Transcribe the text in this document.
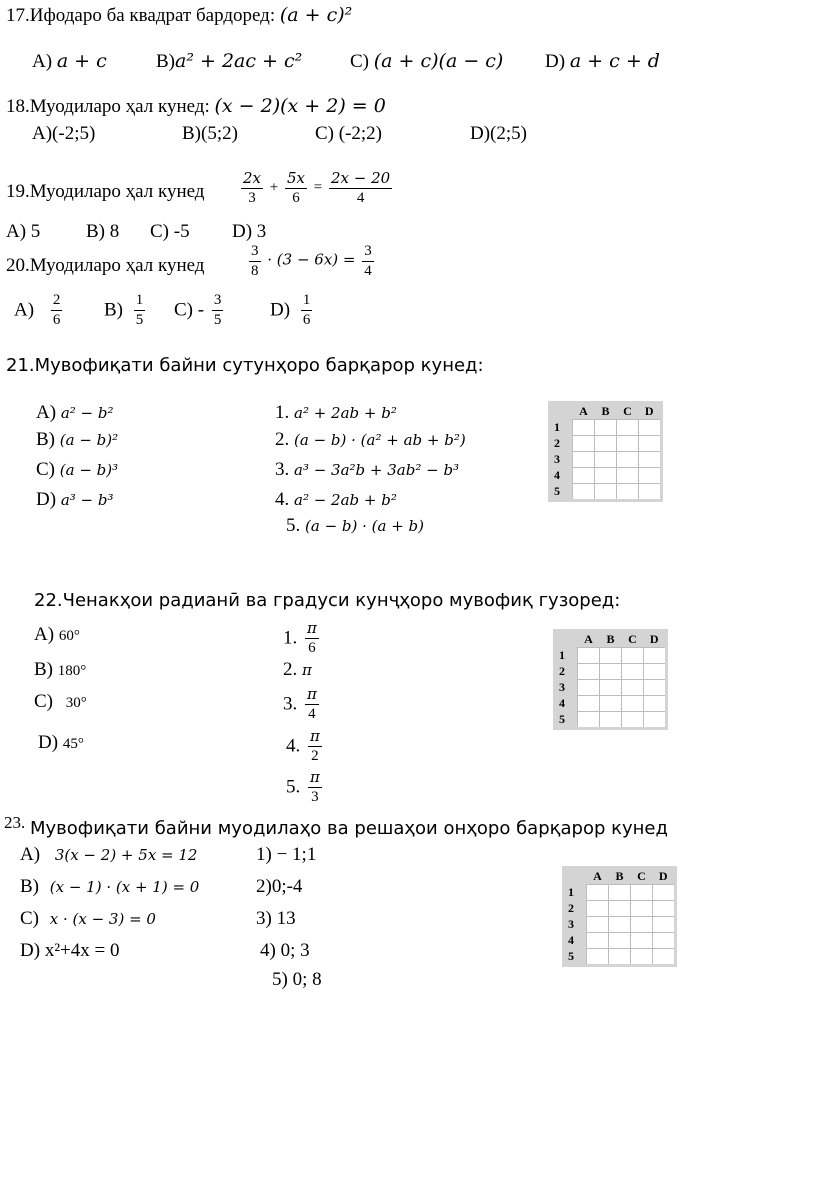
17.Ифодаро ба квадрат бардоред: (a + c)²
A) a + c	B)a² + 2ac + c²	C) (a + c)(a − c) D) a + c + d
18.Муодиларо ҳал кунед: (x − 2)(x + 2) = 0
A)(-2;5)	B)(5;2)	C) (-2;2)	D)(2;5)
19.Муодиларо ҳал кунед $\frac{2x}{3} + \frac{5x}{6} = \frac{2x - 20}{4}$
A) 5 B) 8 C) -5 D) 3
20.Муодиларо ҳал кунед	$\frac{3}{8} \cdot (3 - 6x) = \frac{3}{4}$
$A) \frac{2}{6} B) \frac{1}{5} C) - \frac{3}{5} D) \frac{1}{6}$
21.Мувофиқати байни сутунҳоро барқарор кунед:
A) a² − b²
B) (a − b)²
C) (a − b)³
D) a³ − b³
1. a² + 2ab + b²
2. (a − b) · (a² + ab + b²)
3. a³ − 3a²b + 3ab² − b³
4. a² − 2ab + b²
5. (a − b) · (a + b)
	A	B	C	D
1				
2				
3				
4				
5				
22.Ченакҳои радианӣ ва градуси кунҷҳоро мувофиқ гузоред:
A) 60°
B) 180°
C) 30°
D) 45°
1. $\frac{\pi}{6}$
2. π
3. $\frac{\pi}{4}$
4. $\frac{\pi}{2}$
5. $\frac{\pi}{3}$
	A	B	C	D
1				
2				
3				
4				
5				
23. Мувофиқати байни муодилаҳо ва решаҳои онҳоро барқарор кунед
A) 3(x − 2) + 5x = 12
B) (x − 1) · (x + 1) = 0
C) x · (x − 3) = 0
D) x²+4x = 0
1) − 1;1
2)0;-4
3) 13
4) 0; 3
5) 0; 8
	A	B	C	D
1				
2				
3				
4				
5				
